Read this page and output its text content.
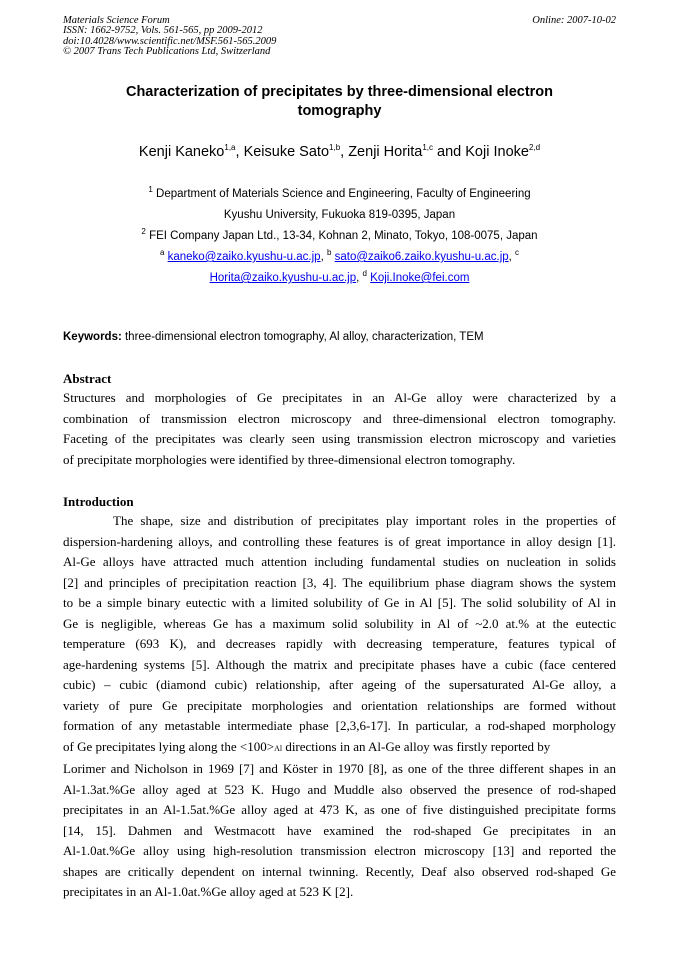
Materials Science Forum
ISSN: 1662-9752, Vols. 561-565, pp 2009-2012
doi:10.4028/www.scientific.net/MSF.561-565.2009
© 2007 Trans Tech Publications Ltd, Switzerland
Online: 2007-10-02
Characterization of precipitates by three-dimensional electron
tomography
Kenji Kaneko$^{1,a}$, Keisuke Sato$^{1,b}$, Zenji Horita$^{1,c}$ and Koji Inoke$^{2,d}$
$^1$ Department of Materials Science and Engineering, Faculty of Engineering
Kyushu University, Fukuoka 819-0395, Japan
$^2$ FEI Company Japan Ltd., 13-34, Kohnan 2, Minato, Tokyo, 108-0075, Japan
$^a$ kaneko@zaiko.kyushu-u.ac.jp, $^b$ sato@zaiko6.zaiko.kyushu-u.ac.jp, $^c$
Horita@zaiko.kyushu-u.ac.jp, $^d$ Koji.Inoke@fei.com
Keywords: three-dimensional electron tomography, Al alloy, characterization, TEM
Abstract

Structures and morphologies of Ge precipitates in an Al-Ge alloy were characterized by a
combination of transmission electron microscopy and three-dimensional electron tomography.
Faceting of the precipitates was clearly seen using transmission electron microscopy and varieties
of precipitate morphologies were identified by three-dimensional electron tomography.

Introduction

The shape, size and distribution of precipitates play important roles in the properties of
dispersion-hardening alloys, and controlling these features is of great importance in alloy design [1].
Al-Ge alloys have attracted much attention including fundamental studies on nucleation in solids
[2] and principles of precipitation reaction [3, 4]. The equilibrium phase diagram shows the system
to be a simple binary eutectic with a limited solubility of Ge in Al [5]. The solid solubility of Al in
Ge is negligible, whereas Ge has a maximum solid solubility in Al of ~2.0 at.% at the eutectic
temperature (693 K), and decreases rapidly with decreasing temperature, features typical of
age-hardening systems [5]. Although the matrix and precipitate phases have a cubic (face centered
cubic) – cubic (diamond cubic) relationship, after ageing of the supersaturated Al-Ge alloy, a
variety of pure Ge precipitate morphologies and orientation relationships are formed without
formation of any metastable intermediate phase [2,3,6-17]. In particular, a rod-shaped morphology
of Ge precipitates lying along the <100>Al directions in an Al-Ge alloy was firstly reported by
Lorimer and Nicholson in 1969 [7] and Köster in 1970 [8], as one of the three different shapes in an
Al-1.3at.%Ge alloy aged at 523 K. Hugo and Muddle also observed the presence of rod-shaped
precipitates in an Al-1.5at.%Ge alloy aged at 473 K, as one of five distinguished precipitate forms
[14, 15]. Dahmen and Westmacott have examined the rod-shaped Ge precipitates in an
Al-1.0at.%Ge alloy using high-resolution transmission electron microscopy [13] and reported the
shapes are critically dependent on internal twinning. Recently, Deaf also observed rod-shaped Ge
precipitates in an Al-1.0at.%Ge alloy aged at 523 K [2].
